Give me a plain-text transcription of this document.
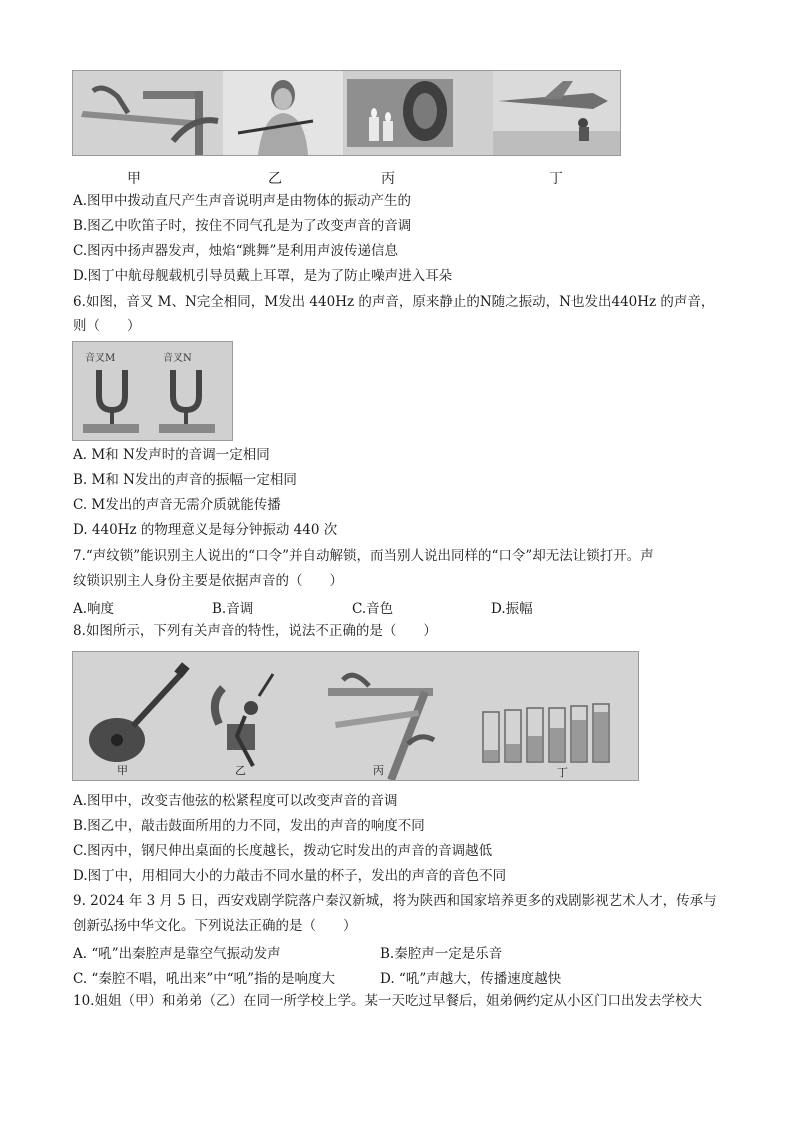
甲	乙	丙	丁
A.图甲中拨动直尺产生声音说明声是由物体的振动产生的
B.图乙中吹笛子时，按住不同气孔是为了改变声音的音调
C.图丙中扬声器发声，烛焰“跳舞”是利用声波传递信息
D.图丁中航母舰载机引导员戴上耳罩，是为了防止噪声进入耳朵
6.如图，音叉 M、N完全相同，M发出 440Hz 的声音，原来静止的N随之振动，N也发出440Hz 的声音，
则（　　）
音叉M	音叉N
A. M和 N发声时的音调一定相同
B. M和 N发出的声音的振幅一定相同
C. M发出的声音无需介质就能传播
D. 440Hz 的物理意义是每分钟振动 440 次
7.“声纹锁”能识别主人说出的“口令”并自动解锁，而当别人说出同样的“口令”却无法让锁打开。声
纹锁识别主人身份主要是依据声音的（　　）
A.响度	B.音调	C.音色	D.振幅
8.如图所示，下列有关声音的特性，说法不正确的是（　　）
甲	乙	丙	丁
A.图甲中，改变吉他弦的松紧程度可以改变声音的音调
B.图乙中，敲击鼓面所用的力不同，发出的声音的响度不同
C.图丙中，钢尺伸出桌面的长度越长，拨动它时发出的声音的音调越低
D.图丁中，用相同大小的力敲击不同水量的杯子，发出的声音的音色不同
9. 2024 年 3 月 5 日，西安戏剧学院落户秦汉新城，将为陕西和国家培养更多的戏剧影视艺术人才，传承与
创新弘扬中华文化。下列说法正确的是（　　）
A. “吼”出秦腔声是靠空气振动发声	B.秦腔声一定是乐音
C. “秦腔不唱，吼出来”中“吼”指的是响度大	D. “吼”声越大，传播速度越快
10.姐姐（甲）和弟弟（乙）在同一所学校上学。某一天吃过早餐后，姐弟俩约定从小区门口出发去学校大
